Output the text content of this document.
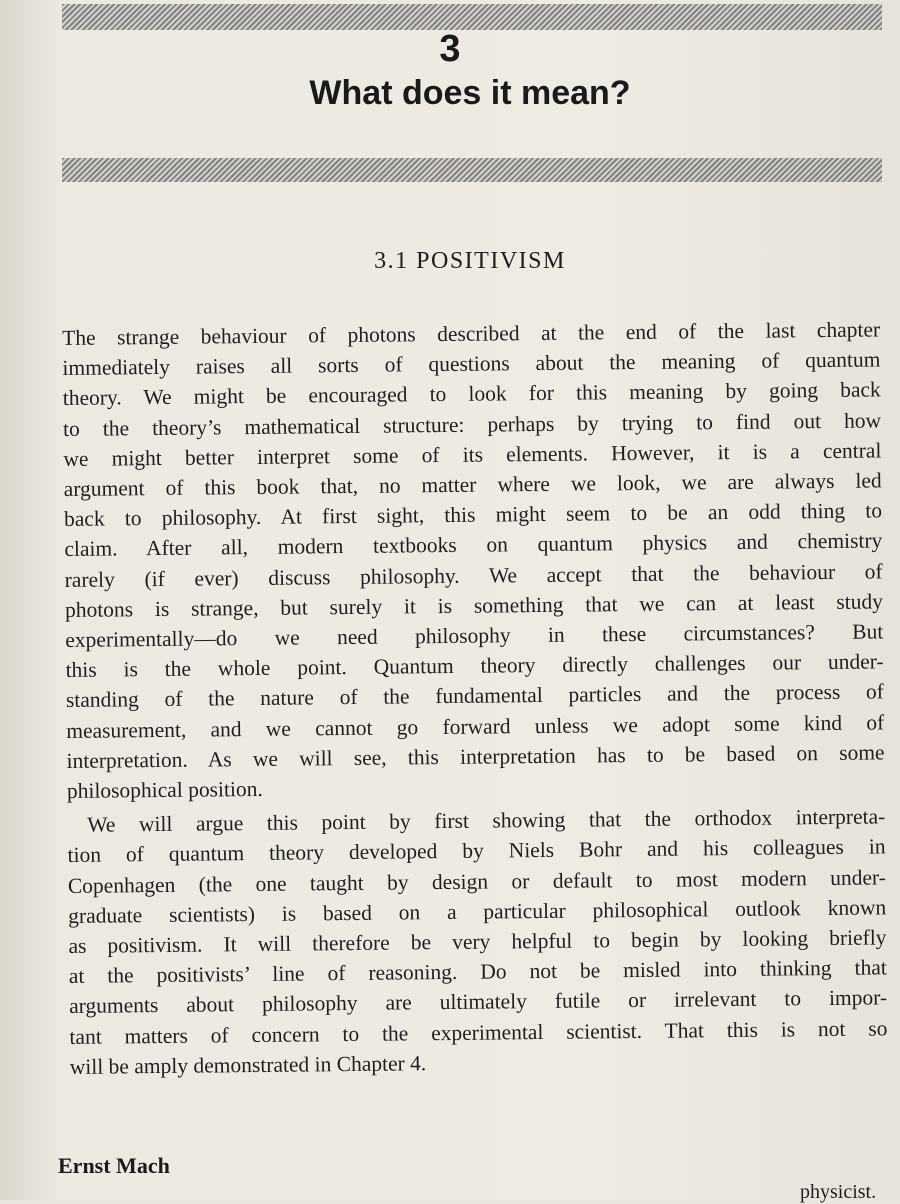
3
What does it mean?
3.1 POSITIVISM
The strange behaviour of photons described at the end of the last chapter
immediately raises all sorts of questions about the meaning of quantum
theory. We might be encouraged to look for this meaning by going back
to the theory’s mathematical structure: perhaps by trying to find out how
we might better interpret some of its elements. However, it is a central
argument of this book that, no matter where we look, we are always led
back to philosophy. At first sight, this might seem to be an odd thing to
claim. After all, modern textbooks on quantum physics and chemistry
rarely (if ever) discuss philosophy. We accept that the behaviour of
photons is strange, but surely it is something that we can at least study
experimentally—do we need philosophy in these circumstances? But
this is the whole point. Quantum theory directly challenges our under-
standing of the nature of the fundamental particles and the process of
measurement, and we cannot go forward unless we adopt some kind of
interpretation. As we will see, this interpretation has to be based on some
philosophical position.
We will argue this point by first showing that the orthodox interpreta-
tion of quantum theory developed by Niels Bohr and his colleagues in
Copenhagen (the one taught by design or default to most modern under-
graduate scientists) is based on a particular philosophical outlook known
as positivism. It will therefore be very helpful to begin by looking briefly
at the positivists’ line of reasoning. Do not be misled into thinking that
arguments about philosophy are ultimately futile or irrelevant to impor-
tant matters of concern to the experimental scientist. That this is not so
will be amply demonstrated in Chapter 4.
Ernst Mach
physicist.
